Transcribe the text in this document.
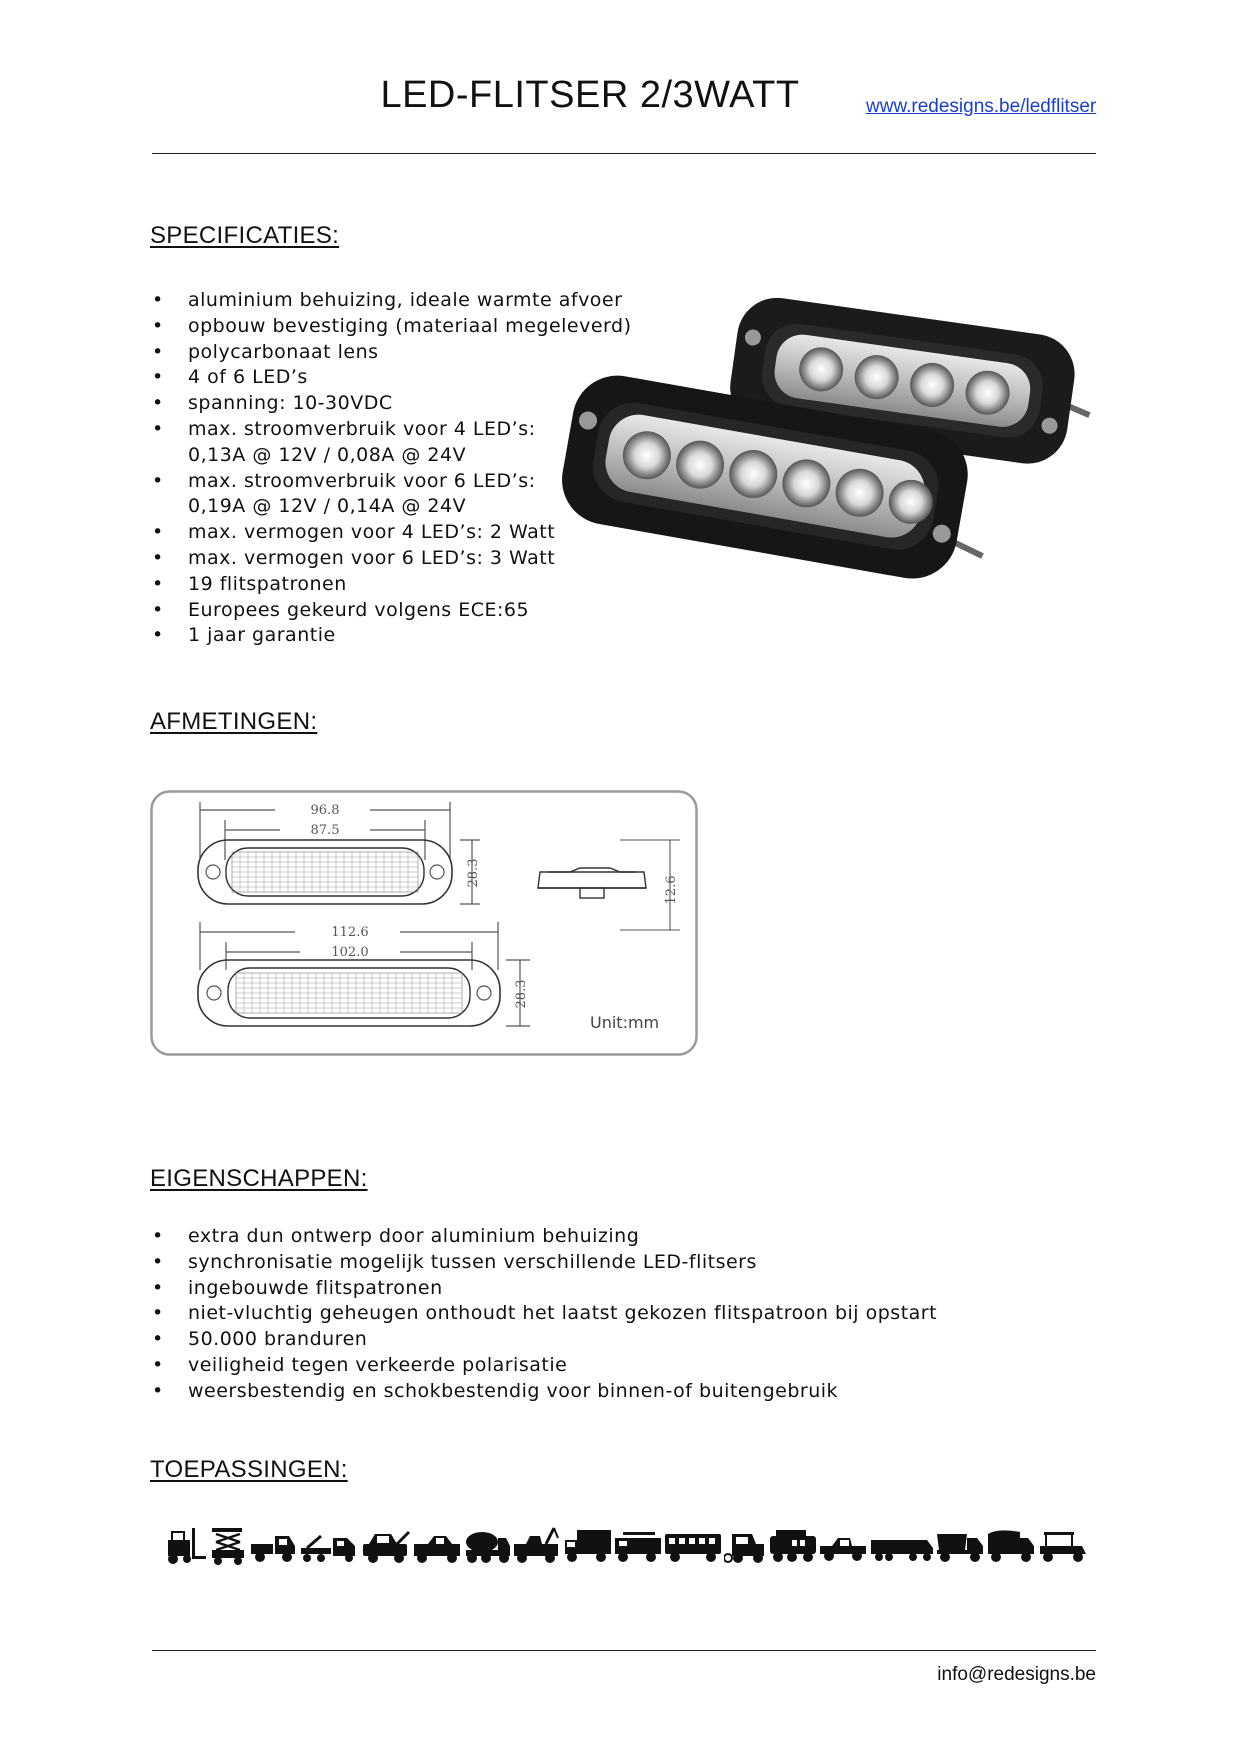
LED-FLITSER 2/3WATT	www.redesigns.be/ledflitser
SPECIFICATIES:
• aluminium behuizing, ideale warmte afvoer
• opbouw bevestiging (materiaal megeleverd)
• polycarbonaat lens
• 4 of 6 LED’s
• spanning: 10-30VDC
• max. stroomverbruik voor 4 LED’s:
0,13A @ 12V / 0,08A @ 24V
• max. stroomverbruik voor 6 LED’s:
0,19A @ 12V / 0,14A @ 24V
• max. vermogen voor 4 LED’s: 2 Watt
• max. vermogen voor 6 LED’s: 3 Watt
• 19 flitspatronen
• Europees gekeurd volgens ECE:65
• 1 jaar garantie
AFMETINGEN:
96.8
87.5
28.3
12.6
112.6
102.0
28.3
Unit:mm
EIGENSCHAPPEN:
• extra dun ontwerp door aluminium behuizing
• synchronisatie mogelijk tussen verschillende LED-flitsers
• ingebouwde flitspatronen
• niet-vluchtig geheugen onthoudt het laatst gekozen flitspatroon bij opstart
• 50.000 branduren
• veiligheid tegen verkeerde polarisatie
• weersbestendig en schokbestendig voor binnen-of buitengebruik
TOEPASSINGEN:
info@redesigns.be
